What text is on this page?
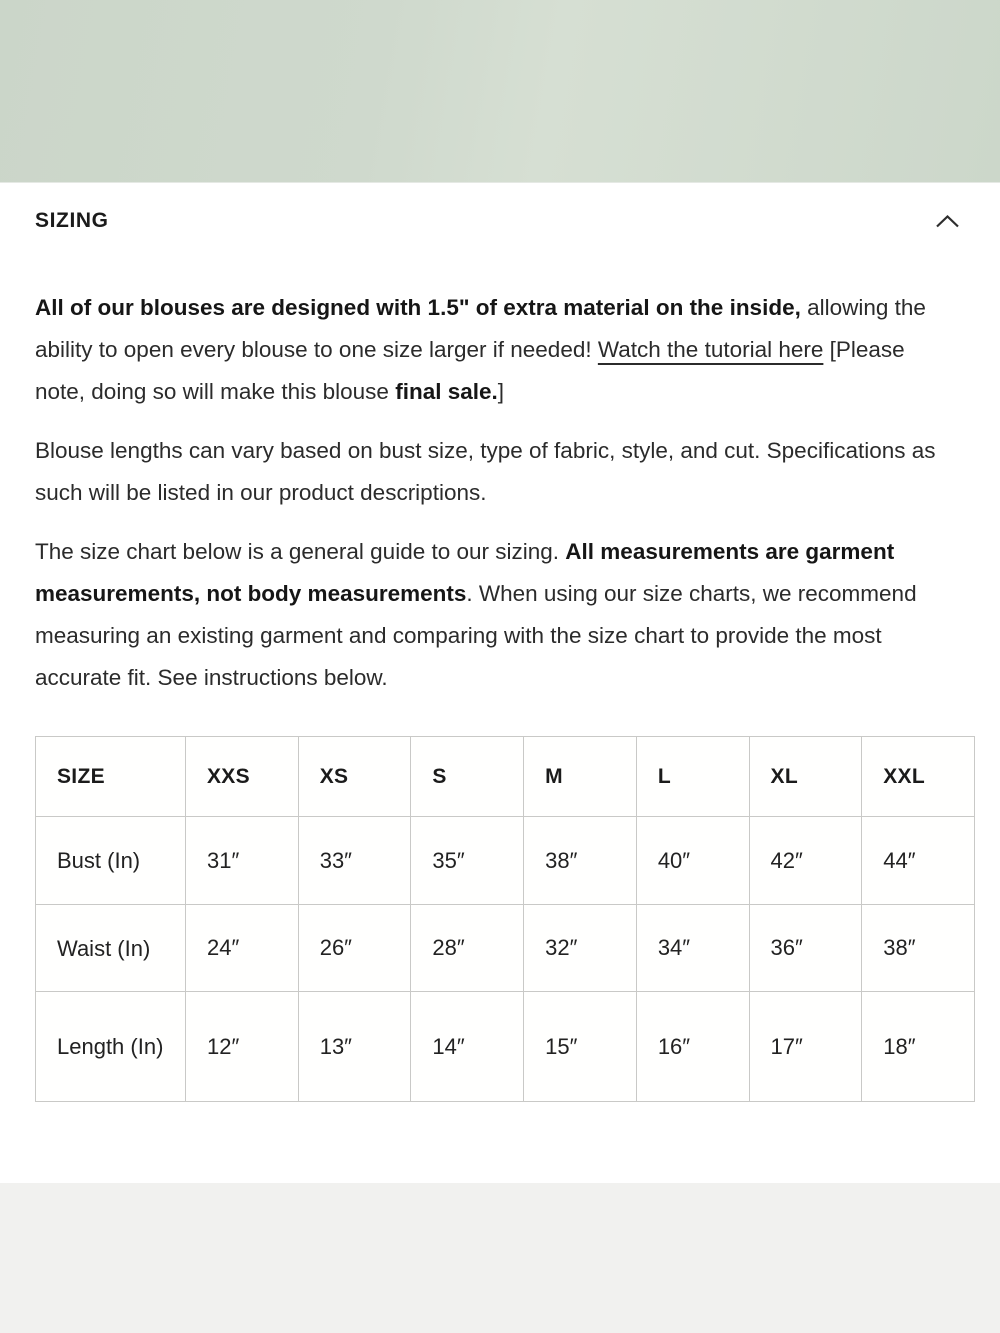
SIZING

All of our blouses are designed with 1.5" of extra material on the inside, allowing the ability to open every blouse to one size larger if needed! Watch the tutorial here [Please note, doing so will make this blouse final sale.]

Blouse lengths can vary based on bust size, type of fabric, style, and cut. Specifications as such will be listed in our product descriptions.

The size chart below is a general guide to our sizing. All measurements are garment measurements, not body measurements. When using our size charts, we recommend measuring an existing garment and comparing with the size chart to provide the most accurate fit. See instructions below.

SIZE	XXS	XS	S	M	L	XL	XXL
Bust (In)	31″	33″	35″	38″	40″	42″	44″
Waist (In)	24″	26″	28″	32″	34″	36″	38″
Length (In)	12″	13″	14″	15″	16″	17″	18″
